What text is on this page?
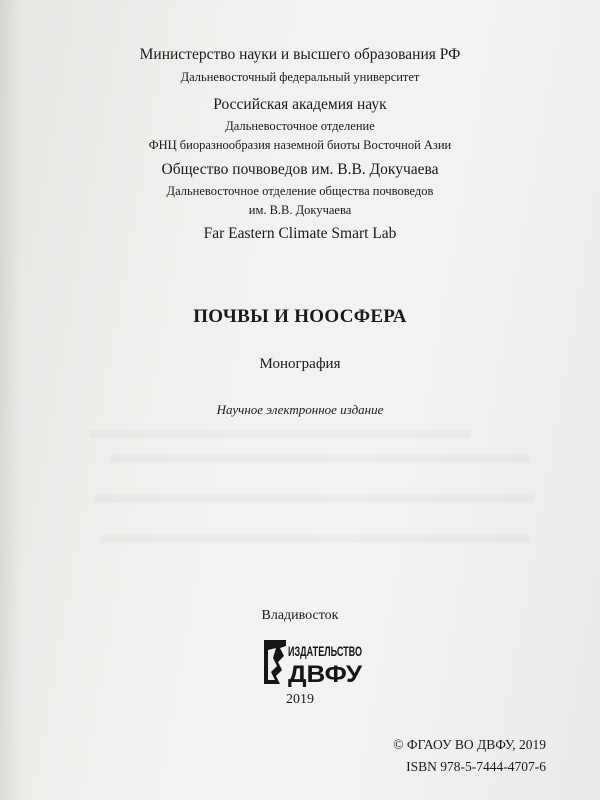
Министерство науки и высшего образования РФ
Дальневосточный федеральный университет
Российская академия наук
Дальневосточное отделение
ФНЦ биоразнообразия наземной биоты Восточной Азии
Общество почвоведов им. В.В. Докучаева
Дальневосточное отделение общества почвоведов
им. В.В. Докучаева
Far Eastern Climate Smart Lab
ПОЧВЫ И НООСФЕРА
Монография
Научное электронное издание
Владивосток
ИЗДАТЕЛЬСТВО
ДВФУ
2019
© ФГАОУ ВО ДВФУ, 2019
ISBN 978-5-7444-4707-6
